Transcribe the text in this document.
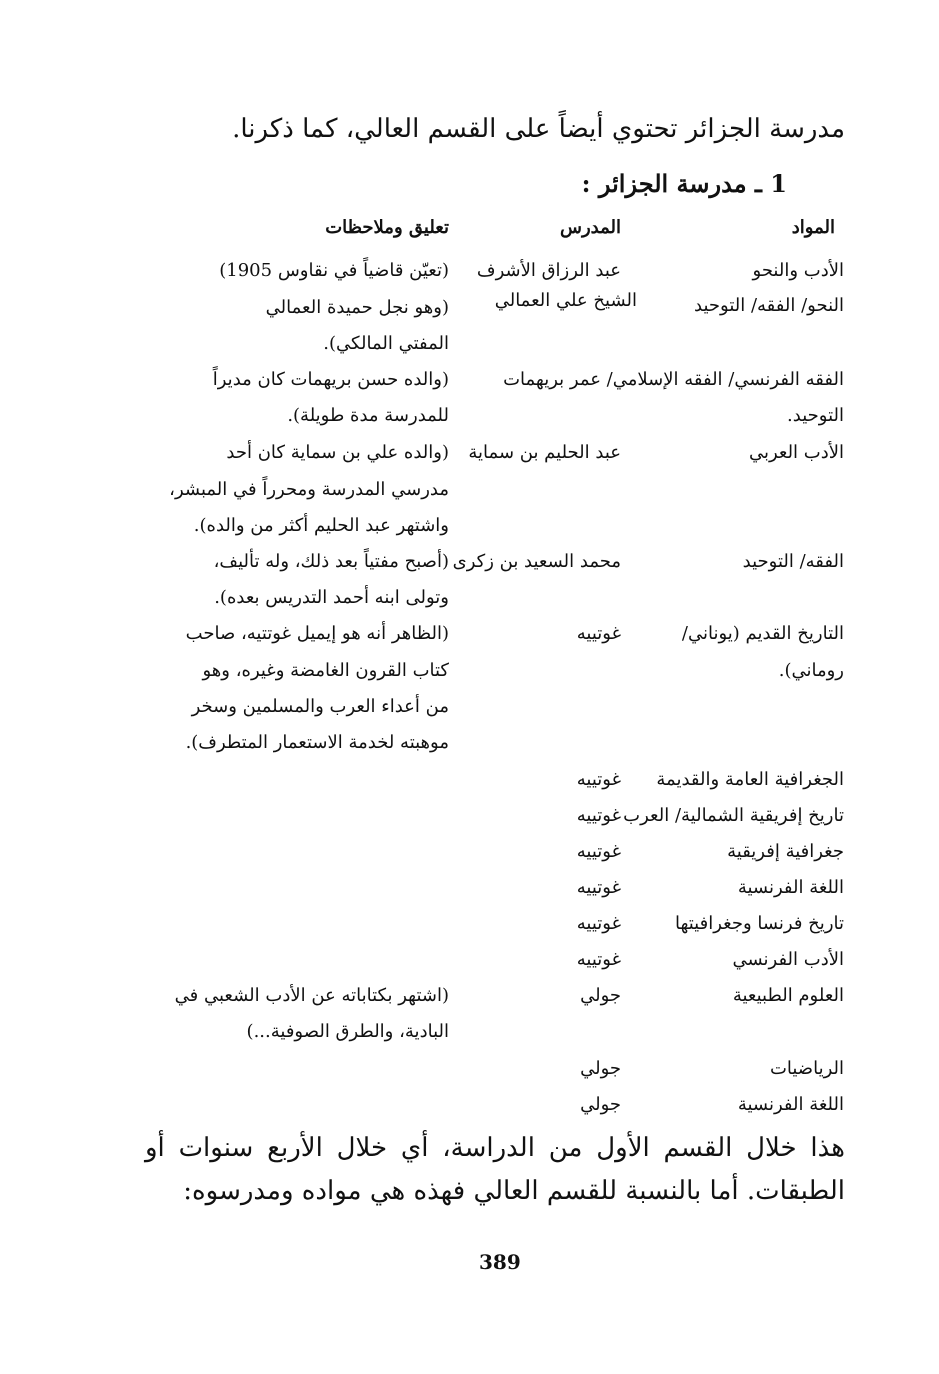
مدرسة الجزائر تحتوي أيضاً على القسم العالي، كما ذكرنا.
1 ـ مدرسة الجزائر :
المواد
المدرس
تعليق وملاحظات
الأدب والنحو
عبد الرزاق الأشرف
(تعيّن قاضياً في نقاوس 1905)
النحو/ الفقه/ التوحيد
الشيخ علي العمالي
(وهو نجل حميدة العمالي
المفتي المالكي).
الفقه الفرنسي/ الفقه الإسلامي/ عمر بريهمات
(والده حسن بريهمات كان مديراً
التوحيد.
للمدرسة مدة طويلة).
الأدب العربي
عبد الحليم بن سماية
(والده علي بن سماية كان أحد
مدرسي المدرسة ومحرراً في المبشر،
واشتهر عبد الحليم أكثر من والده).
الفقه/ التوحيد
محمد السعيد بن زكرى
(أصبح مفتياً بعد ذلك، وله تأليف،
وتولى ابنه أحمد التدريس بعده).
التاريخ القديم (يوناني/
غوتييه
(الظاهر أنه هو إيميل غوتتيه، صاحب
روماني).
كتاب القرون الغامضة وغيره، وهو
من أعداء العرب والمسلمين وسخر
موهبته لخدمة الاستعمار المتطرف).
الجغرافية العامة والقديمة
غوتييه
تاريخ إفريقية الشمالية/ العرب
غوتييه
جغرافية إفريقية
غوتييه
اللغة الفرنسية
غوتييه
تاريخ فرنسا وجغرافيتها
غوتييه
الأدب الفرنسي
غوتييه
العلوم الطبيعية
جولي
(اشتهر بكتاباته عن الأدب الشعبي في
البادية، والطرق الصوفية...)
الرياضيات
جولي
اللغة الفرنسية
جولي
هذا خلال القسم الأول من الدراسة، أي خلال الأربع سنوات أو
الطبقات. أما بالنسبة للقسم العالي فهذه هي مواده ومدرسوه:
389
